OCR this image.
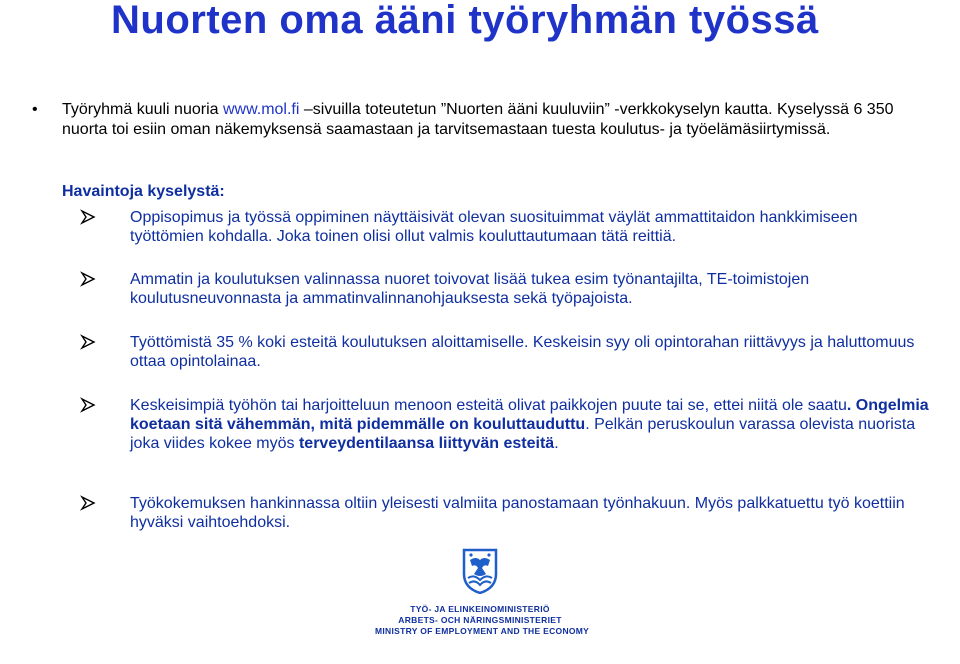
Nuorten oma ääni työryhmän työssä
• Työryhmä kuuli nuoria www.mol.fi –sivuilla toteutetun ”Nuorten ääni kuuluviin” -verkkokyselyn kautta. Kyselyssä 6 350 nuorta toi esiin oman näkemyksensä saamastaan ja tarvitsemastaan tuesta koulutus- ja työelämäsiirtymissä.
Havaintoja kyselystä:
Oppisopimus ja työssä oppiminen näyttäisivät olevan suosituimmat väylät ammattitaidon hankkimiseen työttömien kohdalla. Joka toinen olisi ollut valmis kouluttautumaan tätä reittiä.
Ammatin ja koulutuksen valinnassa nuoret toivovat lisää tukea esim työnantajilta, TE-toimistojen koulutusneuvonnasta ja ammatinvalinnanohjauksesta sekä työpajoista.
Työttömistä 35 % koki esteitä koulutuksen aloittamiselle. Keskeisin syy oli opintorahan riittävyys ja haluttomuus ottaa opintolainaa.
Keskeisimpiä työhön tai harjoitteluun menoon esteitä olivat paikkojen puute tai se, ettei niitä ole saatu. Ongelmia koetaan sitä vähemmän, mitä pidemmälle on kouluttauduttu. Pelkän peruskoulun varassa olevista nuorista joka viides kokee myös terveydentilaansa liittyvän esteitä.
Työkokemuksen hankinnassa oltiin yleisesti valmiita panostamaan työnhakuun. Myös palkkatuettu työ koettiin hyväksi vaihtoehdoksi.
TYÖ- JA ELINKEINOMINISTERIÖ
ARBETS- OCH NÄRINGSMINISTERIET
MINISTRY OF EMPLOYMENT AND THE ECONOMY
